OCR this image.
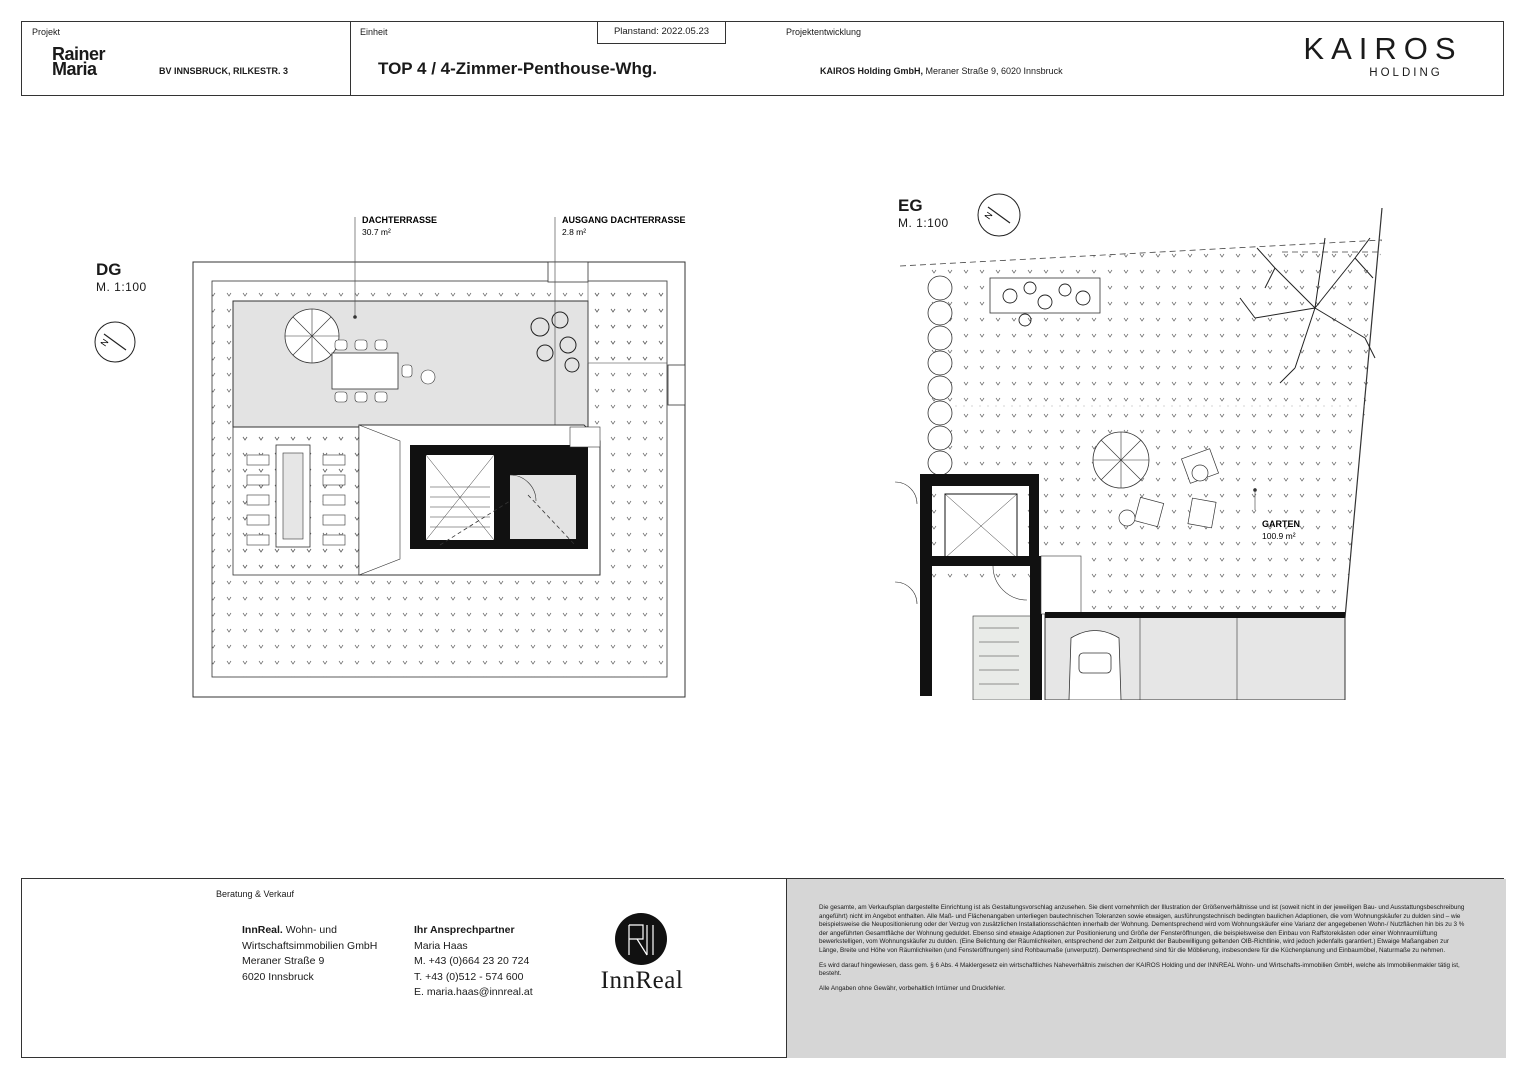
Projekt
Rainer
Maria	BV INNSBRUCK, RILKESTR. 3
Einheit
TOP 4 / 4-Zimmer-Penthouse-Whg.
Planstand: 2022.05.23	Projektentwicklung
KAIROS Holding GmbH, Meraner Straße 9, 6020 Innsbruck
KAIROS
HOLDING
DG
M. 1:100
N
DACHTERRASSE
30.7 m²
AUSGANG DACHTERRASSE
2.8 m²
EG
M. 1:100
N
GARTEN
100.9 m²
Beratung & Verkauf
InnReal. Wohn- und
Wirtschaftsimmobilien GmbH
Meraner Straße 9
6020 Innsbruck
Ihr Ansprechpartner
Maria Haas
M. +43 (0)664 23 20 724
T. +43 (0)512 - 574 600
E. maria.haas@innreal.at	InnReal

Die gesamte, am Verkaufsplan dargestellte Einrichtung ist als Gestaltungsvorschlag anzusehen. Sie dient vornehmlich der Illustration der Größenverhältnisse und ist (soweit nicht in der jeweiligen Bau- und Ausstattungsbeschreibung angeführt) nicht im Angebot enthalten. Alle Maß- und Flächenangaben unterliegen bautechnischen Toleranzen sowie etwaigen, ausführungstechnisch bedingten baulichen Adaptionen, die vom Wohnungskäufer zu dulden sind – wie beispielsweise die Neupositionierung oder der Verzug von zusätzlichen Installationsschächten innerhalb der Wohnung. Dementsprechend wird vom Wohnungskäufer eine Varianz der angegebenen Wohn-/ Nutzflächen hin bis zu 3 % der angeführten Gesamtfläche der Wohnung geduldet. Ebenso sind etwaige Adaptionen zur Positionierung und Größe der Fensteröffnungen, die beispielsweise den Einbau von Raffstorekästen oder einer Wohnraumlüftung bewerkstelligen, vom Wohnungskäufer zu dulden. (Eine Belichtung der Räumlichkeiten, entsprechend der zum Zeitpunkt der Baubewilligung geltenden OIB-Richtlinie, wird jedoch jedenfalls garantiert.) Etwaige Maßangaben zur Länge, Breite und Höhe von Räumlichkeiten (und Fensteröffnungen) sind Rohbaumaße (unverputzt). Dementsprechend sind für die Möblierung, insbesondere für die Küchenplanung und Einbaumöbel, Naturmaße zu nehmen.

Es wird darauf hingewiesen, dass gem. § 6 Abs. 4 Maklergesetz ein wirtschaftliches Naheverhältnis zwischen der KAIROS Holding und der INNREAL Wohn- und Wirtschafts-immobilien GmbH, welche als Immobilienmakler tätig ist, besteht.

Alle Angaben ohne Gewähr, vorbehaltlich Irrtümer und Druckfehler.
